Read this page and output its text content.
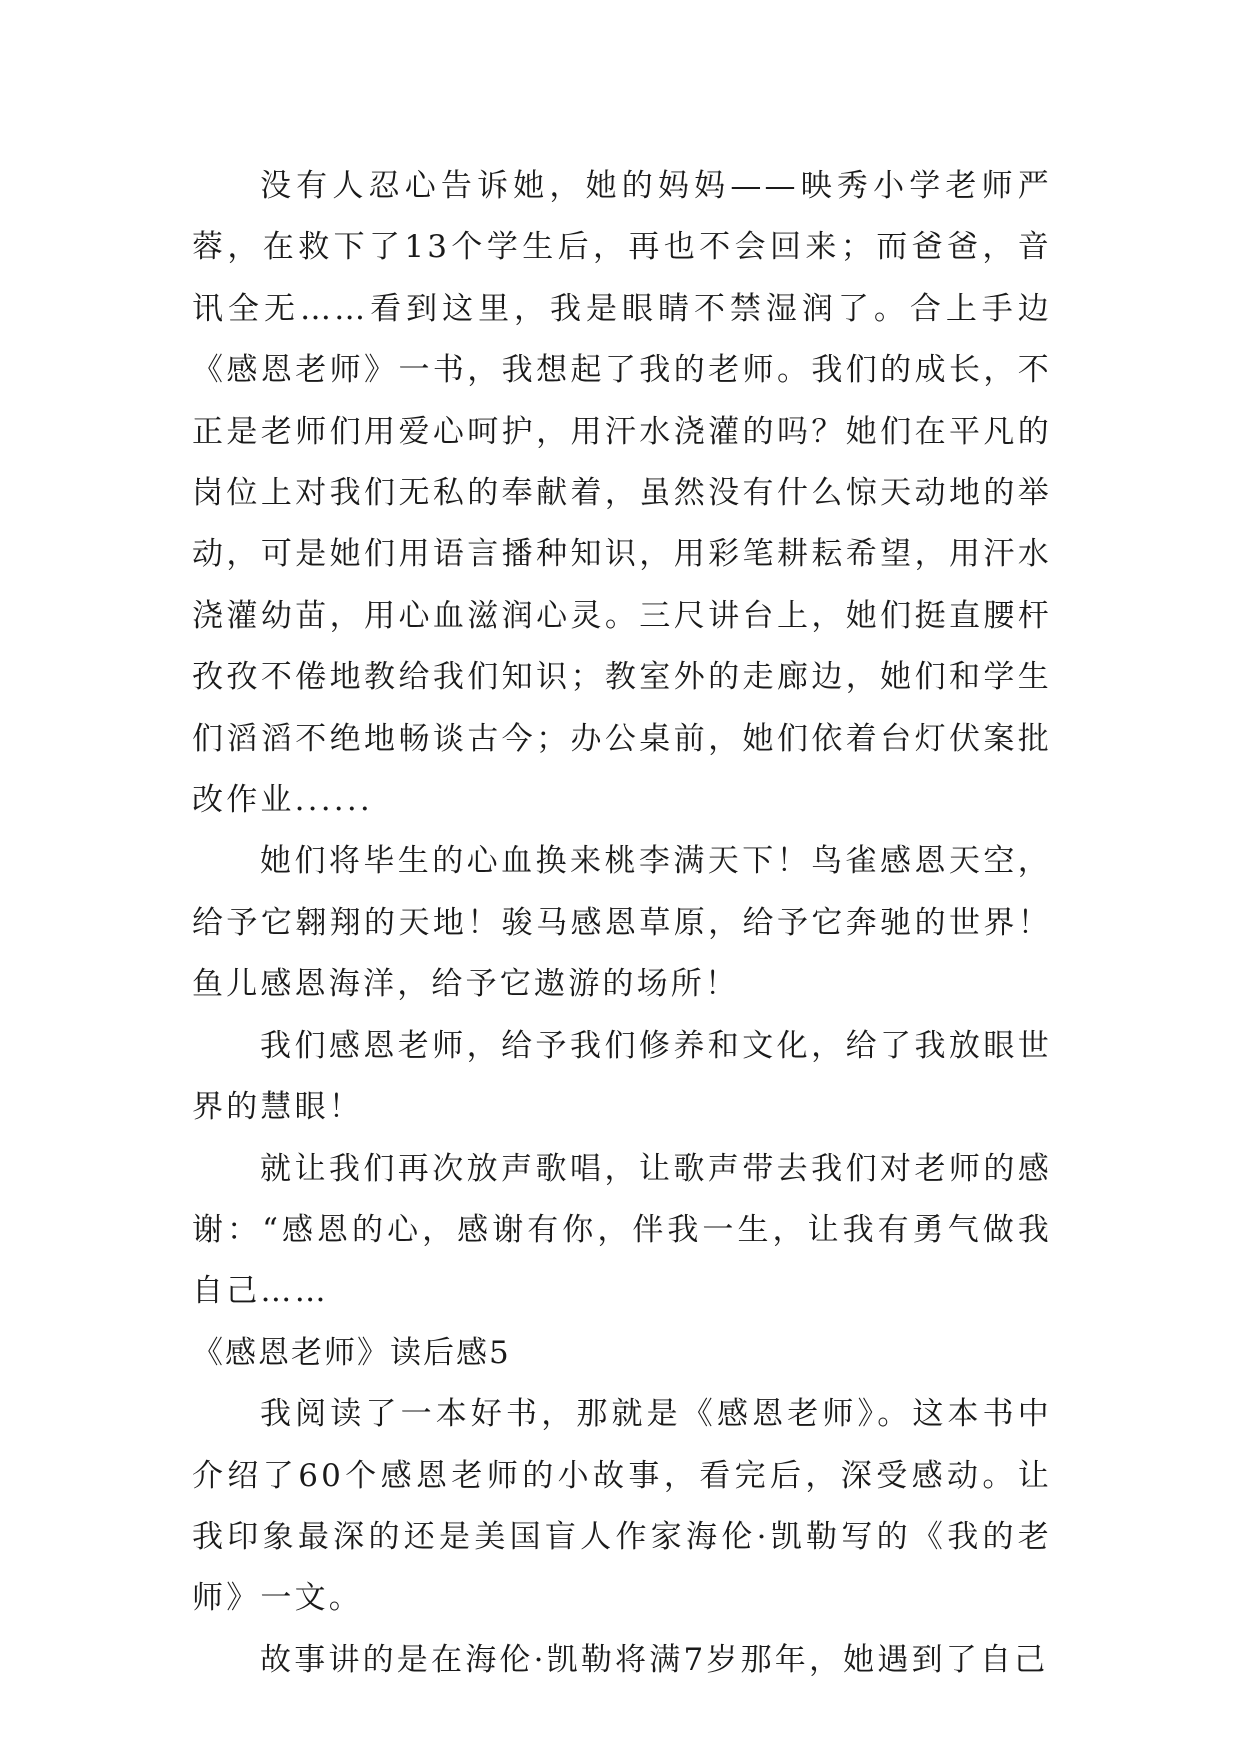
没有人忍心告诉她，她的妈妈——映秀小学老师严蓉，在救下了13个学生后，再也不会回来；而爸爸，音讯全无……看到这里，我是眼睛不禁湿润了。合上手边《感恩老师》一书，我想起了我的老师。我们的成长，不正是老师们用爱心呵护，用汗水浇灌的吗？她们在平凡的岗位上对我们无私的奉献着，虽然没有什么惊天动地的举动，可是她们用语言播种知识，用彩笔耕耘希望，用汗水浇灌幼苗，用心血滋润心灵。三尺讲台上，她们挺直腰杆孜孜不倦地教给我们知识；教室外的走廊边，她们和学生们滔滔不绝地畅谈古今；办公桌前，她们依着台灯伏案批改作业......

她们将毕生的心血换来桃李满天下！鸟雀感恩天空，给予它翱翔的天地！骏马感恩草原，给予它奔驰的世界！鱼儿感恩海洋，给予它遨游的场所！

我们感恩老师，给予我们修养和文化，给了我放眼世界的慧眼！

就让我们再次放声歌唱，让歌声带去我们对老师的感谢：“感恩的心，感谢有你，伴我一生，让我有勇气做我自己……

《感恩老师》读后感5

我阅读了一本好书，那就是《感恩老师》。这本书中介绍了60个感恩老师的小故事，看完后，深受感动。让我印象最深的还是美国盲人作家海伦·凯勒写的《我的老师》一文。

故事讲的是在海伦·凯勒将满7岁那年，她遇到了自己
